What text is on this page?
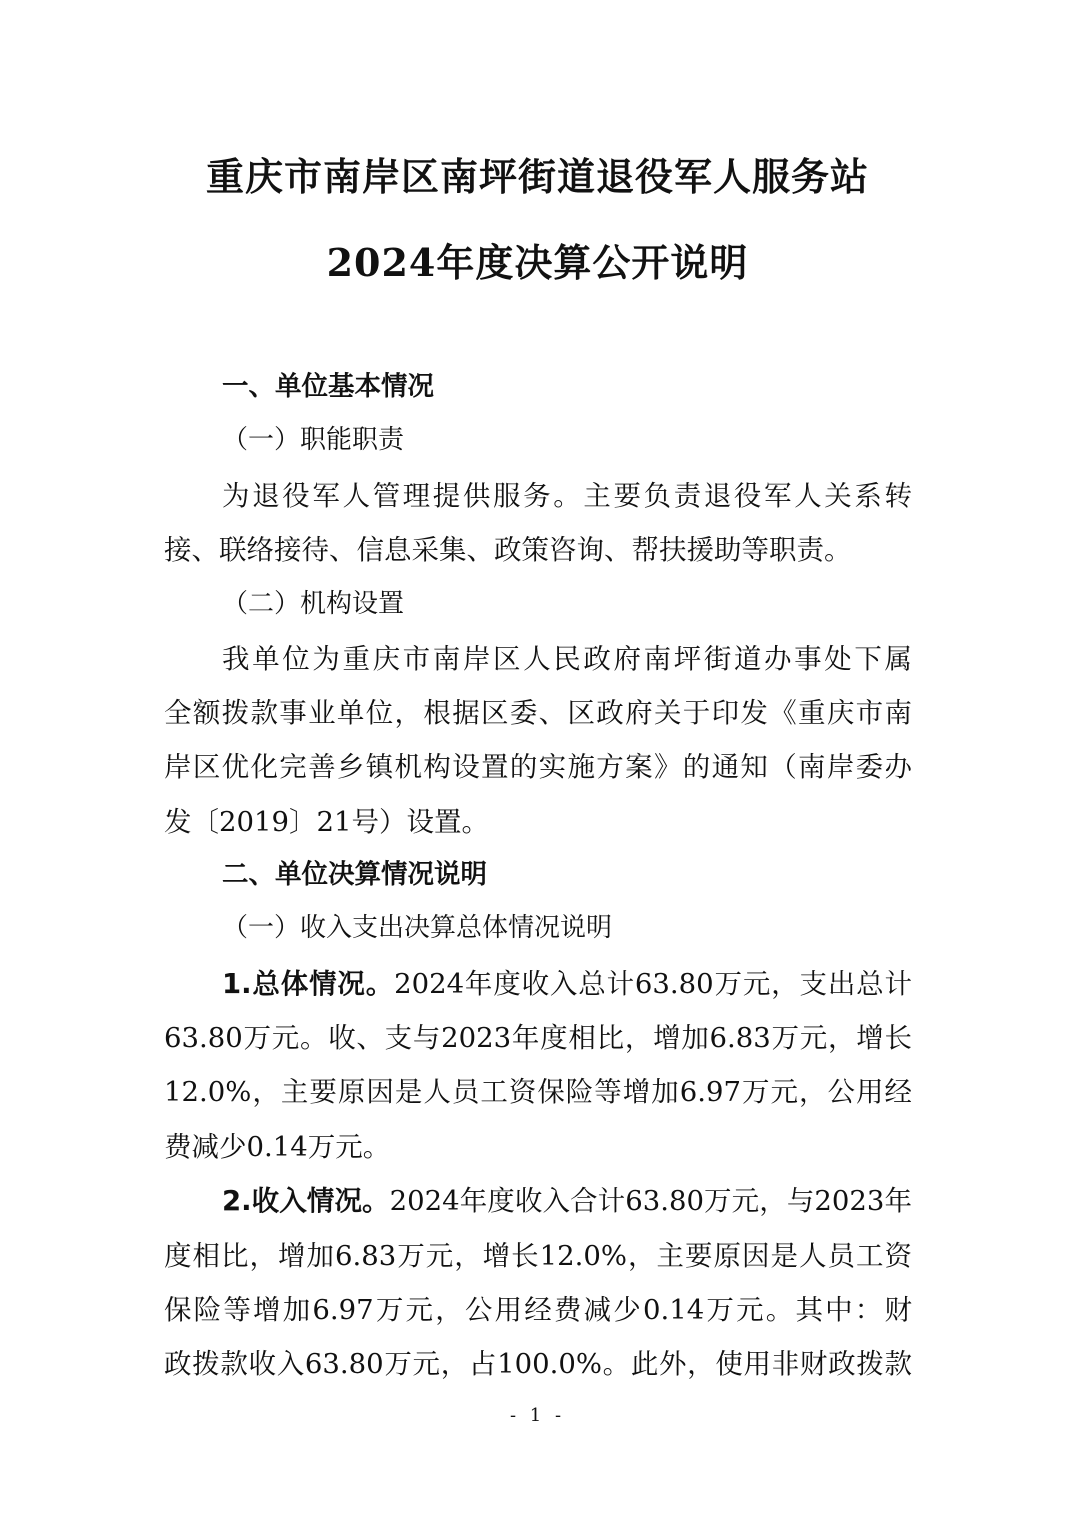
重庆市南岸区南坪街道退役军人服务站
2024年度决算公开说明
一、单位基本情况
（一）职能职责
为退役军人管理提供服务。主要负责退役军人关系转
接、联络接待、信息采集、政策咨询、帮扶援助等职责。
（二）机构设置
我单位为重庆市南岸区人民政府南坪街道办事处下属
全额拨款事业单位，根据区委、区政府关于印发《重庆市南
岸区优化完善乡镇机构设置的实施方案》的通知（南岸委办
发〔2019〕21号）设置。
二、单位决算情况说明
（一）收入支出决算总体情况说明
1.总体情况。2024年度收入总计63.80万元，支出总计
63.80万元。收、支与2023年度相比，增加6.83万元，增长
12.0%，主要原因是人员工资保险等增加6.97万元，公用经
费减少0.14万元。
2.收入情况。2024年度收入合计63.80万元，与2023年
度相比，增加6.83万元，增长12.0%，主要原因是人员工资
保险等增加6.97万元，公用经费减少0.14万元。其中：财
政拨款收入63.80万元，占100.0%。此外，使用非财政拨款
- 1 -
